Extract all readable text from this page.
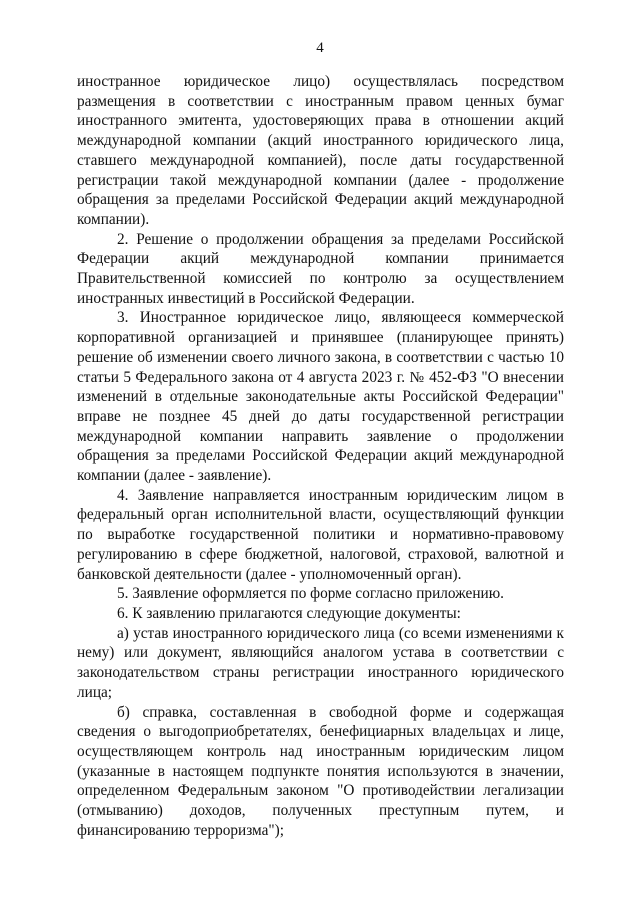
4

иностранное юридическое лицо) осуществлялась посредством размещения в соответствии с иностранным правом ценных бумаг иностранного эмитента, удостоверяющих права в отношении акций международной компании (акций иностранного юридического лица, ставшего международной компанией), после даты государственной регистрации такой международной компании (далее - продолжение обращения за пределами Российской Федерации акций международной компании).

2. Решение о продолжении обращения за пределами Российской Федерации акций международной компании принимается Правительственной комиссией по контролю за осуществлением иностранных инвестиций в Российской Федерации.

3. Иностранное юридическое лицо, являющееся коммерческой корпоративной организацией и принявшее (планирующее принять) решение об изменении своего личного закона, в соответствии с частью 10 статьи 5 Федерального закона от 4 августа 2023 г. № 452-ФЗ "О внесении изменений в отдельные законодательные акты Российской Федерации" вправе не позднее 45 дней до даты государственной регистрации международной компании направить заявление о продолжении обращения за пределами Российской Федерации акций международной компании (далее - заявление).

4. Заявление направляется иностранным юридическим лицом в федеральный орган исполнительной власти, осуществляющий функции по выработке государственной политики и нормативно-правовому регулированию в сфере бюджетной, налоговой, страховой, валютной и банковской деятельности (далее - уполномоченный орган).

5. Заявление оформляется по форме согласно приложению.

6. К заявлению прилагаются следующие документы:

а) устав иностранного юридического лица (со всеми изменениями к нему) или документ, являющийся аналогом устава в соответствии с законодательством страны регистрации иностранного юридического лица;

б) справка, составленная в свободной форме и содержащая сведения о выгодоприобретателях, бенефициарных владельцах и лице, осуществляющем контроль над иностранным юридическим лицом (указанные в настоящем подпункте понятия используются в значении, определенном Федеральным законом "О противодействии легализации (отмыванию) доходов, полученных преступным путем, и финансированию терроризма");
